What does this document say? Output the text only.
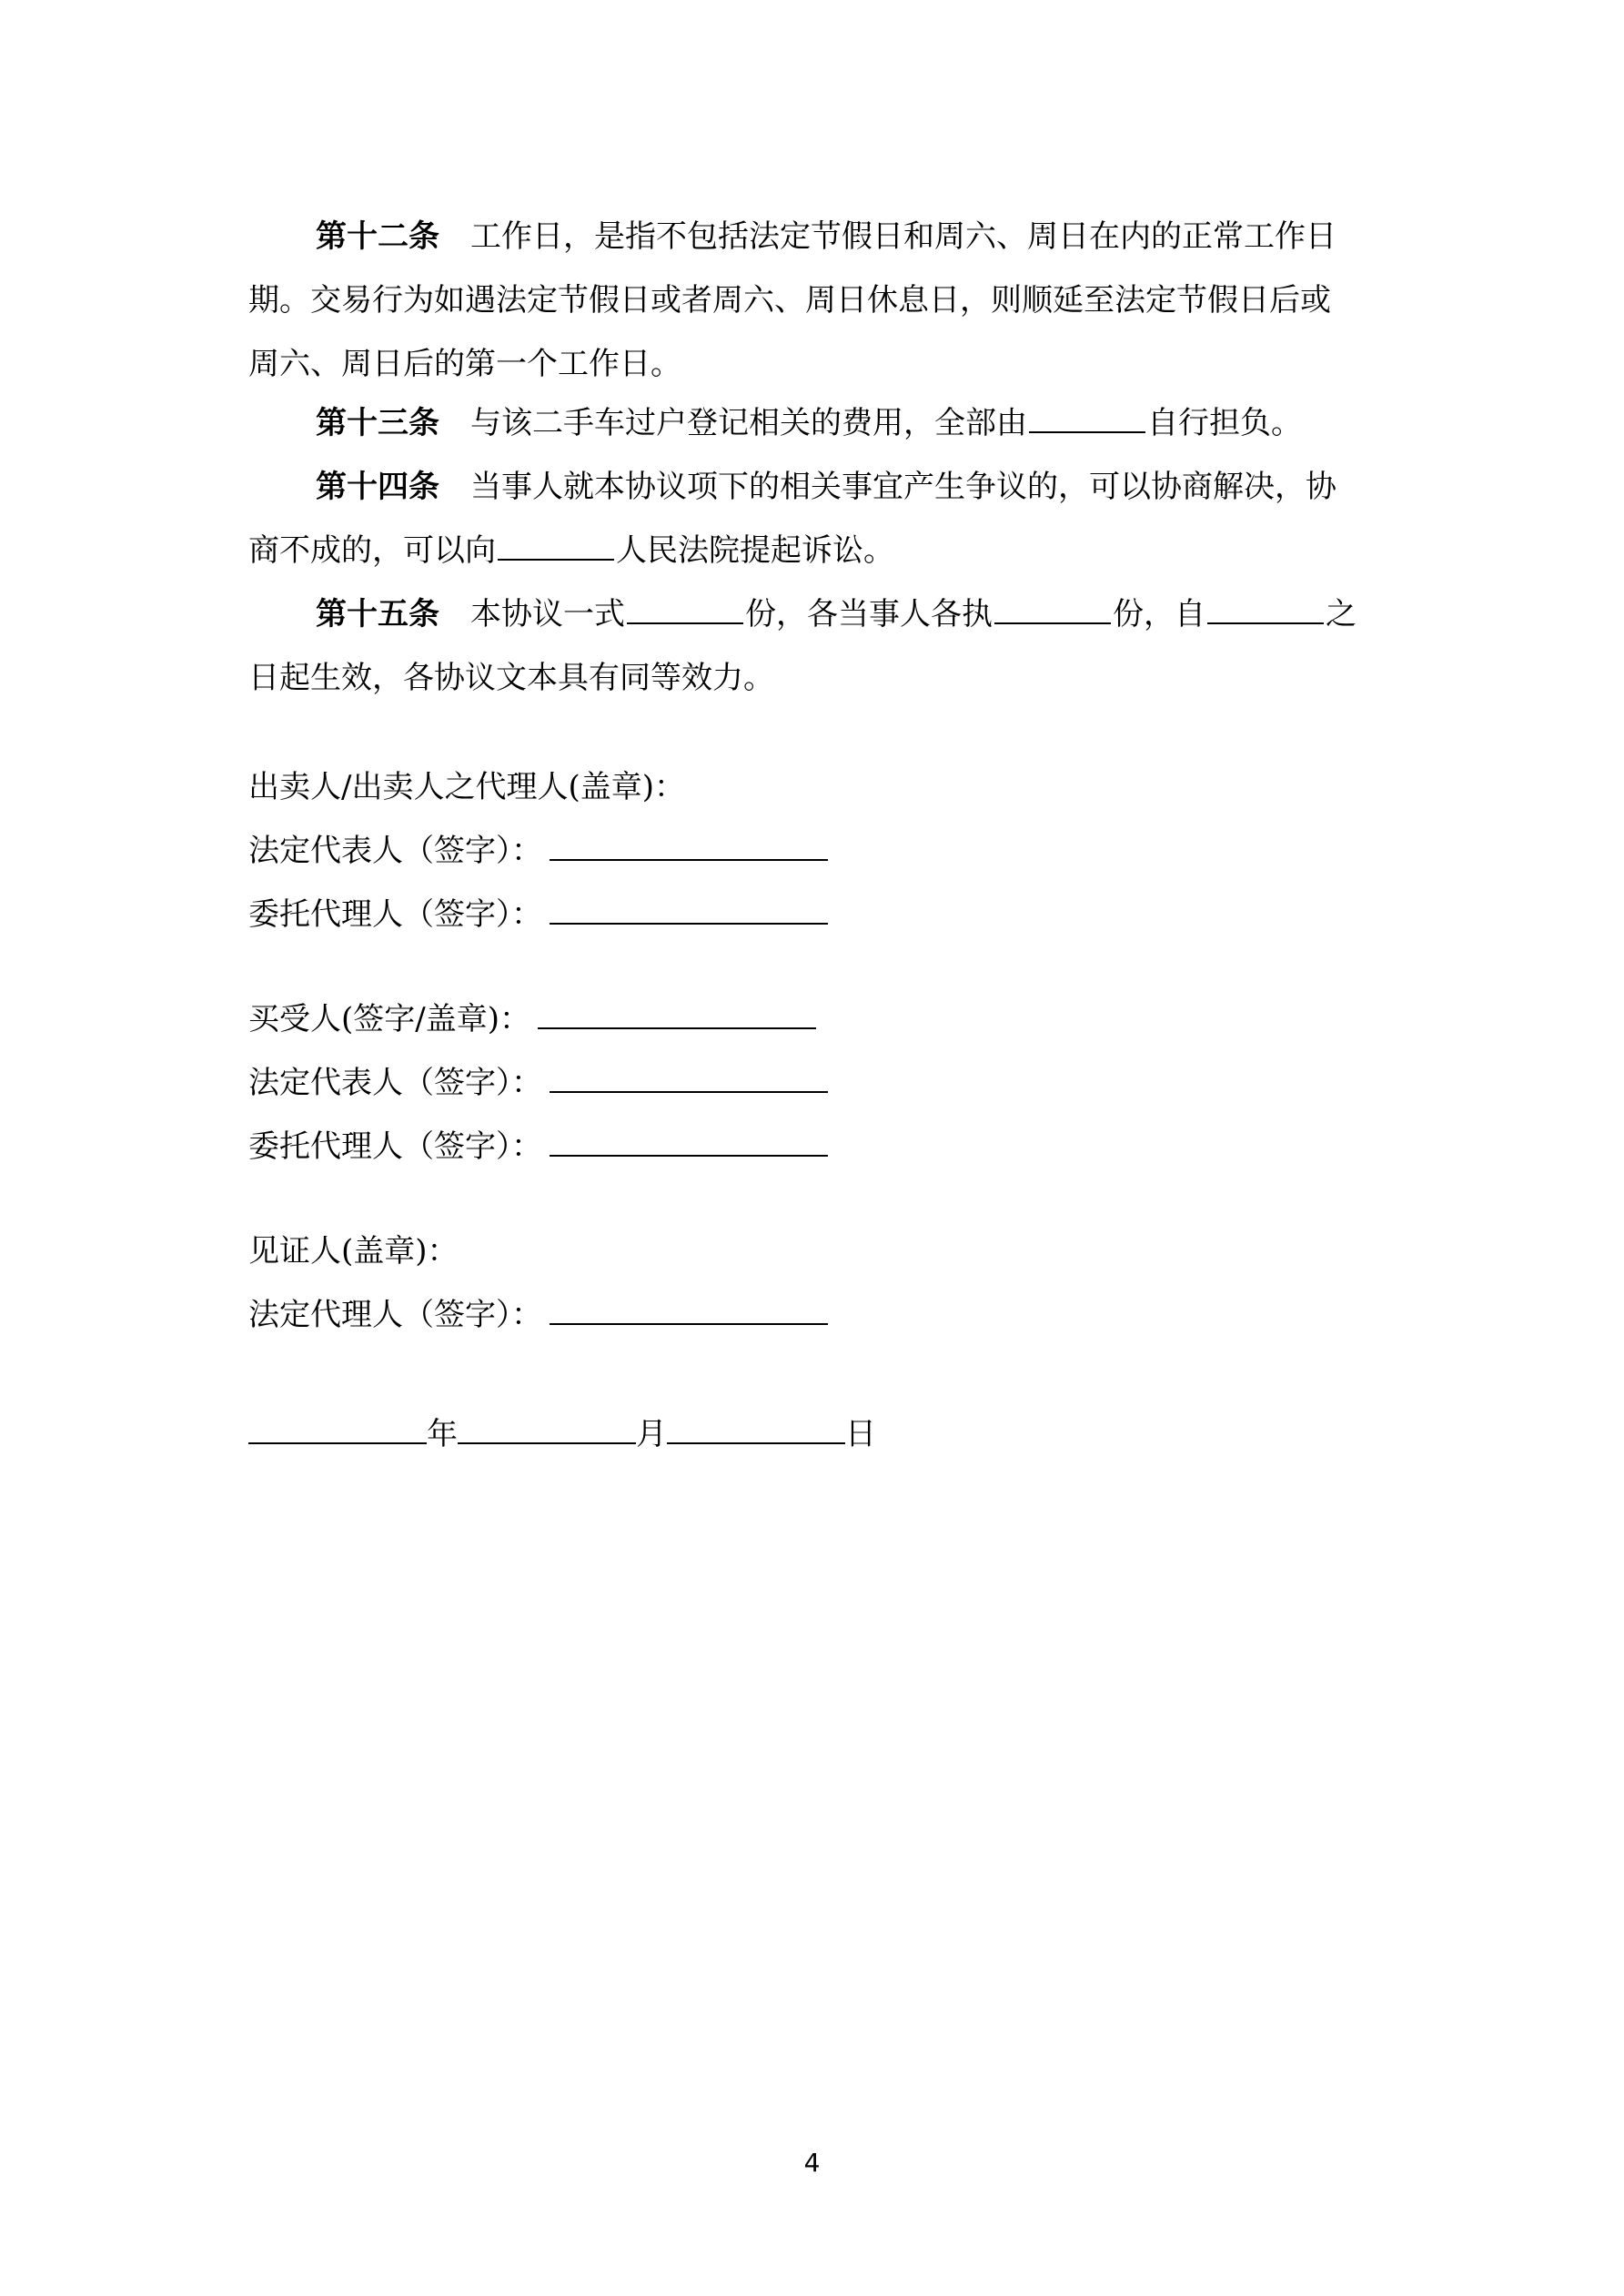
第十二条 工作日，是指不包括法定节假日和周六、周日在内的正常工作日
期。交易行为如遇法定节假日或者周六、周日休息日，则顺延至法定节假日后或
周六、周日后的第一个工作日。
第十三条 与该二手车过户登记相关的费用，全部由	自行担负。
第十四条 当事人就本协议项下的相关事宜产生争议的，可以协商解决，协
商不成的，可以向	人民法院提起诉讼。
第十五条 本协议一式	份，各当事人各执	份，自	之
日起生效，各协议文本具有同等效力。
出卖人/出卖人之代理人(盖章)：
法定代表人（签字）：
委托代理人（签字）：
买受人(签字/盖章)：
法定代表人（签字）：
委托代理人（签字）：
见证人(盖章)：
法定代理人（签字）：
年	月	日
4
